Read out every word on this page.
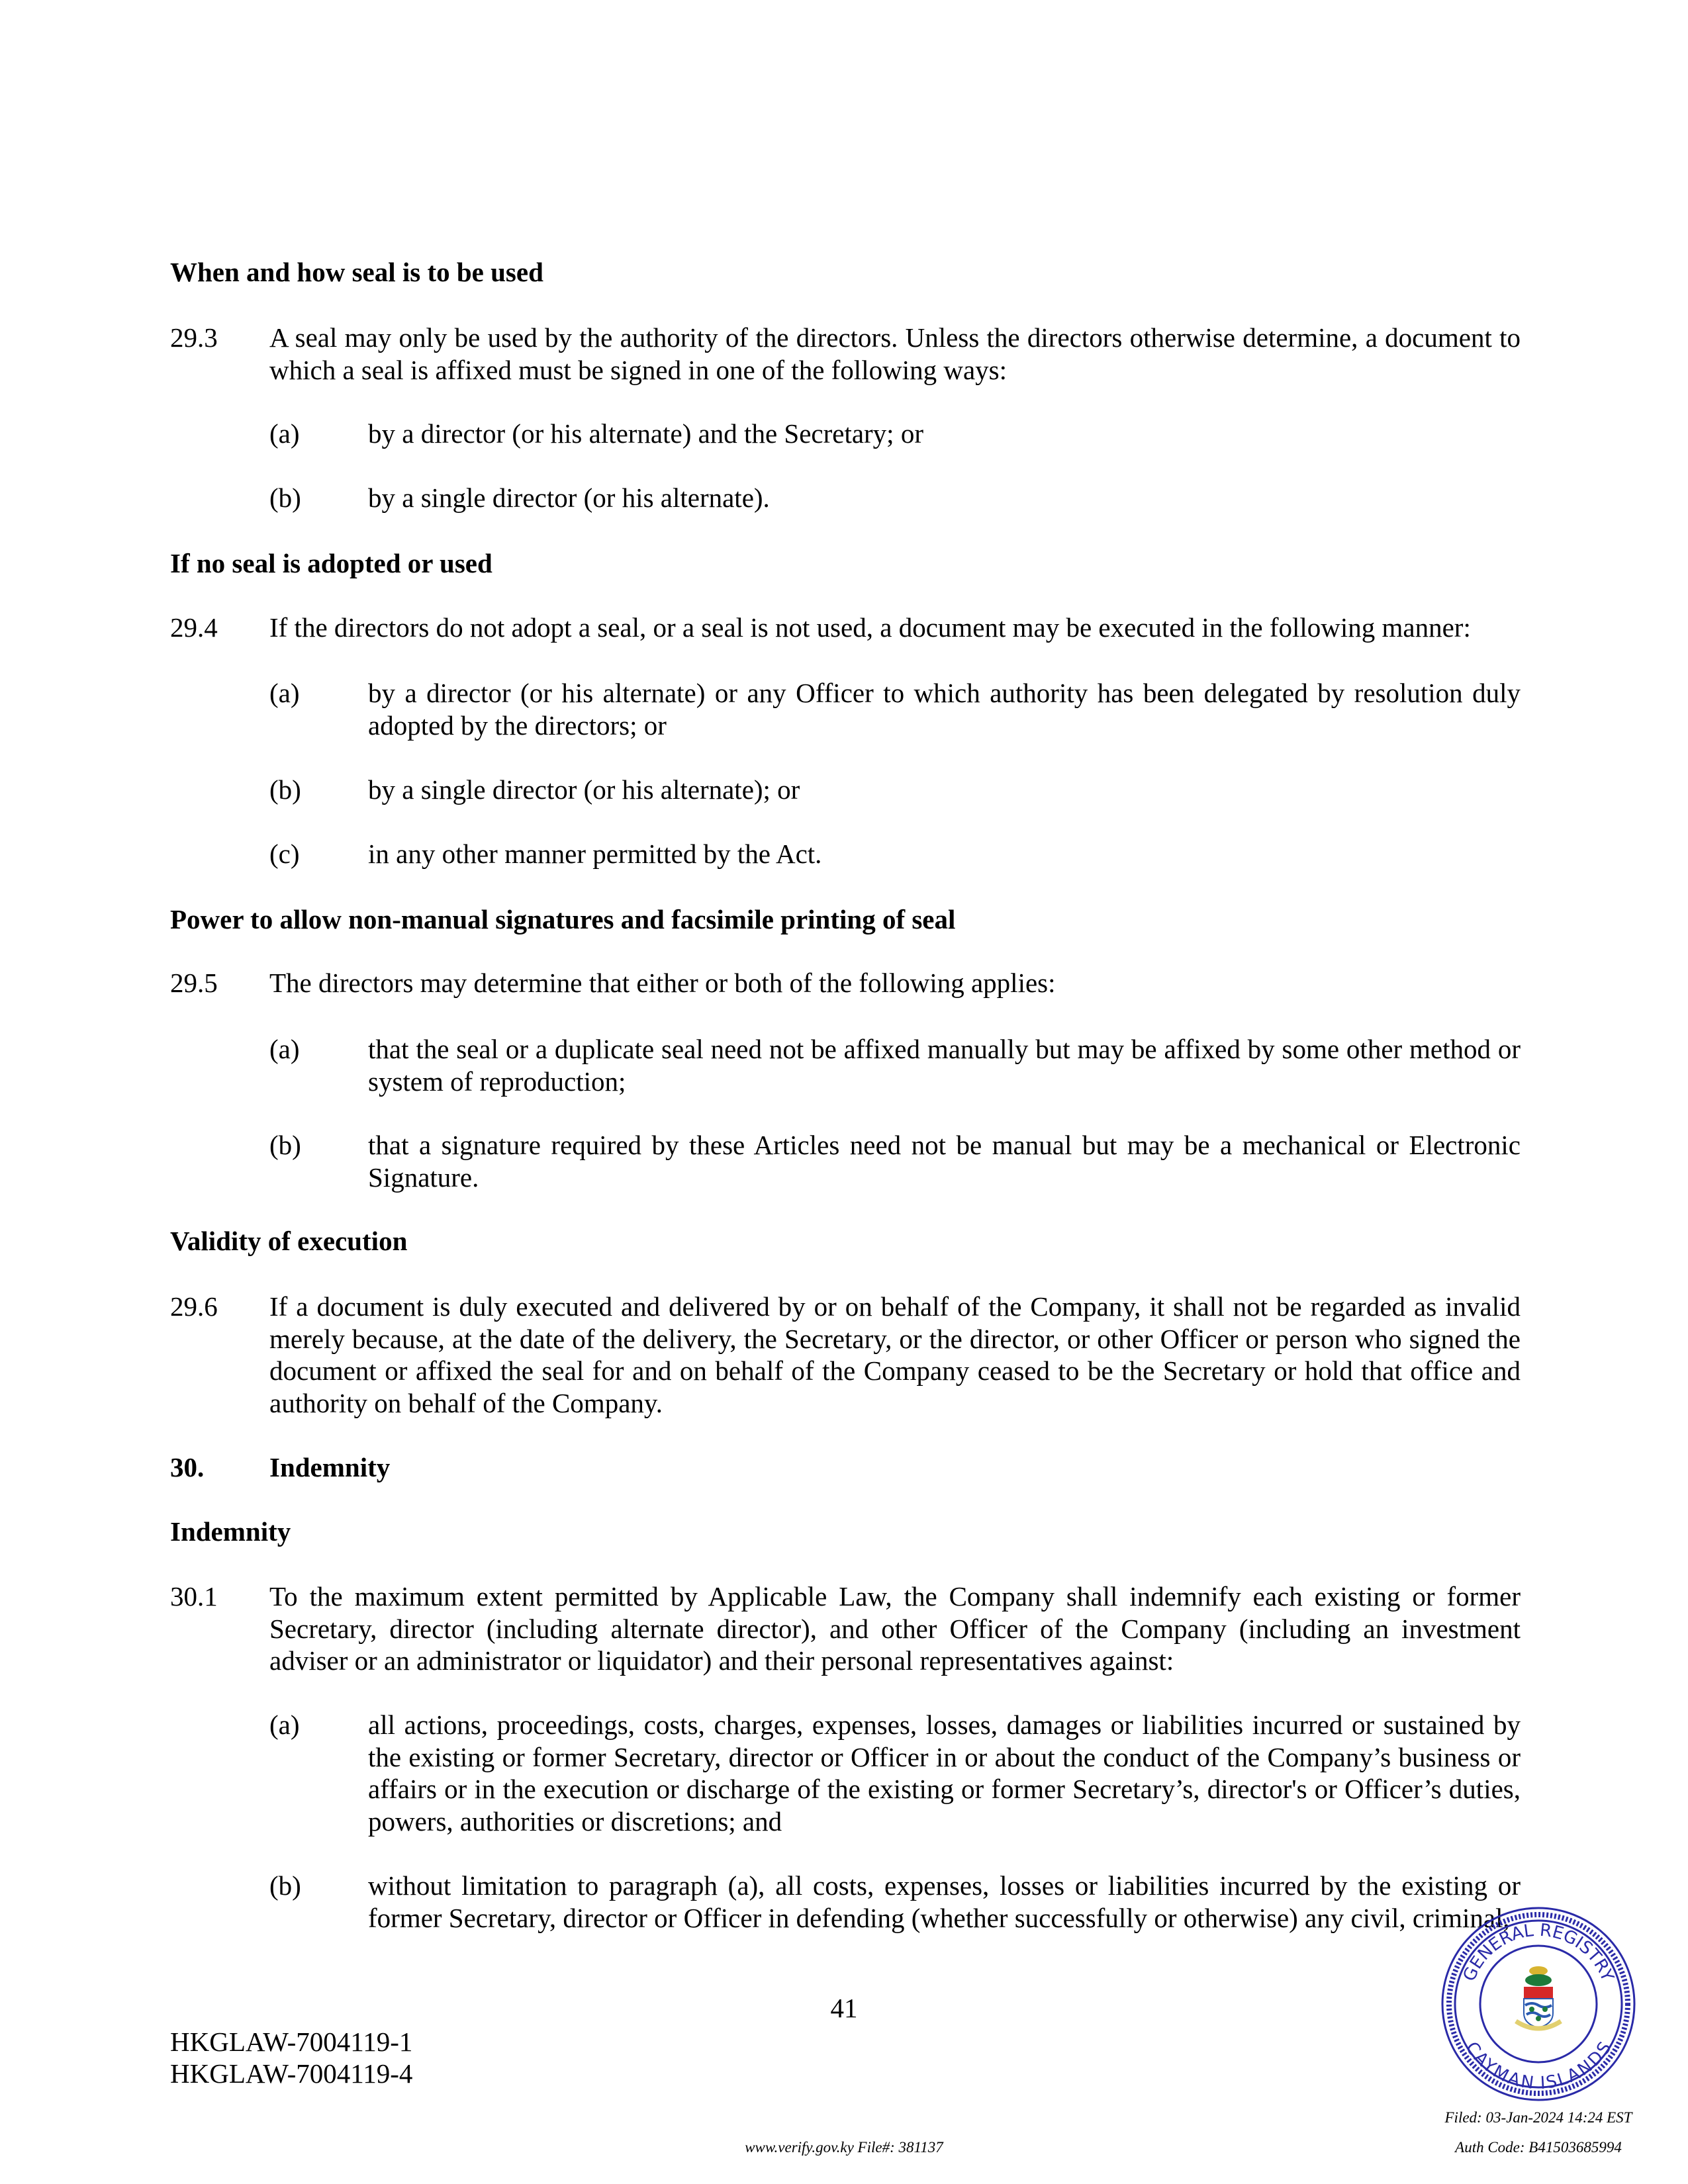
When and how seal is to be used
29.3 A seal may only be used by the authority of the directors. Unless the directors otherwise determine, a document to which a seal is affixed must be signed in one of the following ways:
(a)	by a director (or his alternate) and the Secretary; or
(b) by a single director (or his alternate).
If no seal is adopted or used
29.4 If the directors do not adopt a seal, or a seal is not used, a document may be executed in the following manner:
(a)	by a director (or his alternate) or any Officer to which authority has been delegated by resolution duly adopted by the directors; or
(b) by a single director (or his alternate); or
(c)	in any other manner permitted by the Act.
Power to allow non-manual signatures and facsimile printing of seal
29.5 The directors may determine that either or both of the following applies:
(a)	that the seal or a duplicate seal need not be affixed manually but may be affixed by some other method or system of reproduction;
(b) that a signature required by these Articles need not be manual but may be a mechanical or Electronic Signature.
Validity of execution
29.6 If a document is duly executed and delivered by or on behalf of the Company, it shall not be regarded as invalid merely because, at the date of the delivery, the Secretary, or the director, or other Officer or person who signed the document or affixed the seal for and on behalf of the Company ceased to be the Secretary or hold that office and authority on behalf of the Company.
30. Indemnity
Indemnity
30.1 To the maximum extent permitted by Applicable Law, the Company shall indemnify each existing or former Secretary, director (including alternate director), and other Officer of the Company (including an investment adviser or an administrator or liquidator) and their personal representatives against:
(a)	all actions, proceedings, costs, charges, expenses, losses, damages or liabilities incurred or sustained by the existing or former Secretary, director or Officer in or about the conduct of the Company’s business or affairs or in the execution or discharge of the existing or former Secretary’s, director's or Officer’s duties, powers, authorities or discretions; and
(b) without limitation to paragraph (a), all costs, expenses, losses or liabilities incurred by the existing or former Secretary, director or Officer in defending (whether successfully or otherwise) any civil, criminal,
41
HKGLAW-7004119-1
HKGLAW-7004119-4
GENERAL REGISTRY
CAYMAN ISLANDS
Filed: 03-Jan-2024 14:24 EST
Auth Code: B41503685994
www.verify.gov.ky File#: 381137
